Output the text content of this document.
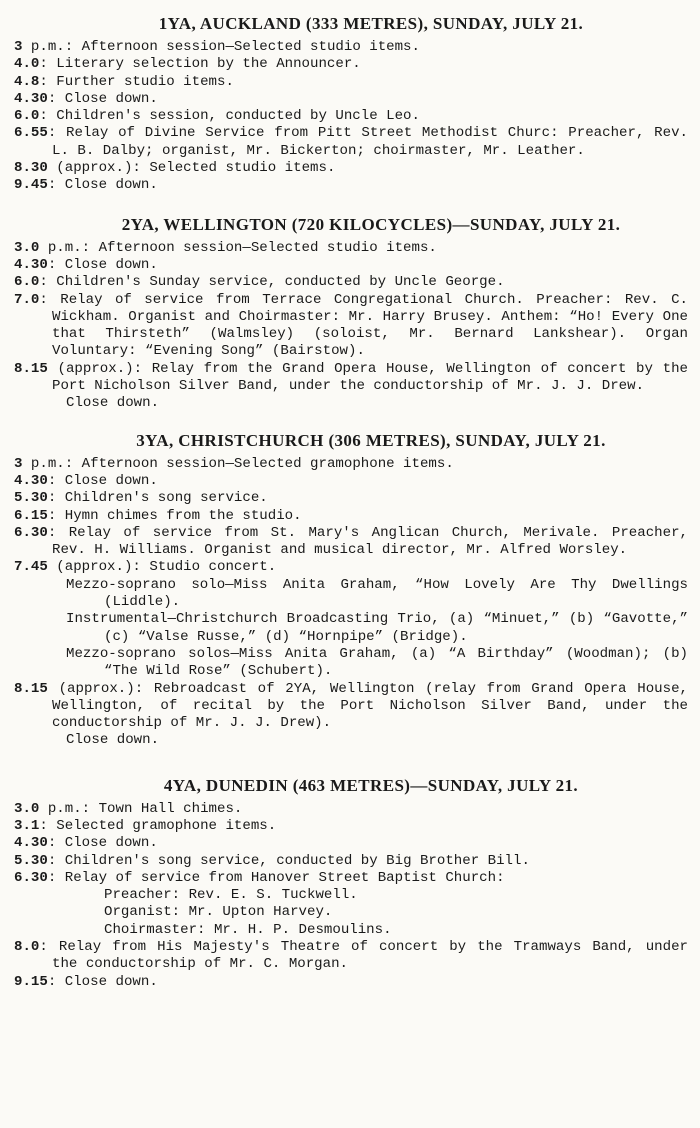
1YA, AUCKLAND (333 METRES), SUNDAY, JULY 21.

3 p.m.: Afternoon session—Selected studio items.

4.0: Literary selection by the Announcer.

4.8: Further studio items.

4.30: Close down.

6.0: Children's session, conducted by Uncle Leo.

6.55: Relay of Divine Service from Pitt Street Methodist Churc: Preacher, Rev. L. B. Dalby; organist, Mr. Bickerton; choirmaster, Mr. Leather.

8.30 (approx.): Selected studio items.

9.45: Close down.

2YA, WELLINGTON (720 KILOCYCLES)—SUNDAY, JULY 21.

3.0 p.m.: Afternoon session—Selected studio items.

4.30: Close down.

6.0: Children's Sunday service, conducted by Uncle George.

7.0: Relay of service from Terrace Congregational Church. Preacher: Rev. C. Wickham. Organist and Choirmaster: Mr. Harry Brusey. Anthem: “Ho! Every One that Thirsteth” (Walmsley) (soloist, Mr. Bernard Lankshear). Organ Voluntary: “Evening Song” (Bairstow).

8.15 (approx.): Relay from the Grand Opera House, Wellington of concert by the Port Nicholson Silver Band, under the conductorship of Mr. J. J. Drew.

Close down.

3YA, CHRISTCHURCH (306 METRES), SUNDAY, JULY 21.

3 p.m.: Afternoon session—Selected gramophone items.

4.30: Close down.

5.30: Children's song service.

6.15: Hymn chimes from the studio.

6.30: Relay of service from St. Mary's Anglican Church, Merivale. Preacher, Rev. H. Williams. Organist and musical director, Mr. Alfred Worsley.

7.45 (approx.): Studio concert.

Mezzo-soprano solo—Miss Anita Graham, “How Lovely Are Thy Dwellings (Liddle).

Instrumental—Christchurch Broadcasting Trio, (a) “Minuet,” (b) “Gavotte,” (c) “Valse Russe,” (d) “Hornpipe” (Bridge).

Mezzo-soprano solos—Miss Anita Graham, (a) “A Birthday” (Woodman); (b) “The Wild Rose” (Schubert).

8.15 (approx.): Rebroadcast of 2YA, Wellington (relay from Grand Opera House, Wellington, of recital by the Port Nicholson Silver Band, under the conductorship of Mr. J. J. Drew).

Close down.

4YA, DUNEDIN (463 METRES)—SUNDAY, JULY 21.

3.0 p.m.: Town Hall chimes.

3.1: Selected gramophone items.

4.30: Close down.

5.30: Children's song service, conducted by Big Brother Bill.

6.30: Relay of service from Hanover Street Baptist Church:

Preacher: Rev. E. S. Tuckwell.

Organist: Mr. Upton Harvey.

Choirmaster: Mr. H. P. Desmoulins.

8.0: Relay from His Majesty's Theatre of concert by the Tramways Band, under the conductorship of Mr. C. Morgan.

9.15: Close down.
